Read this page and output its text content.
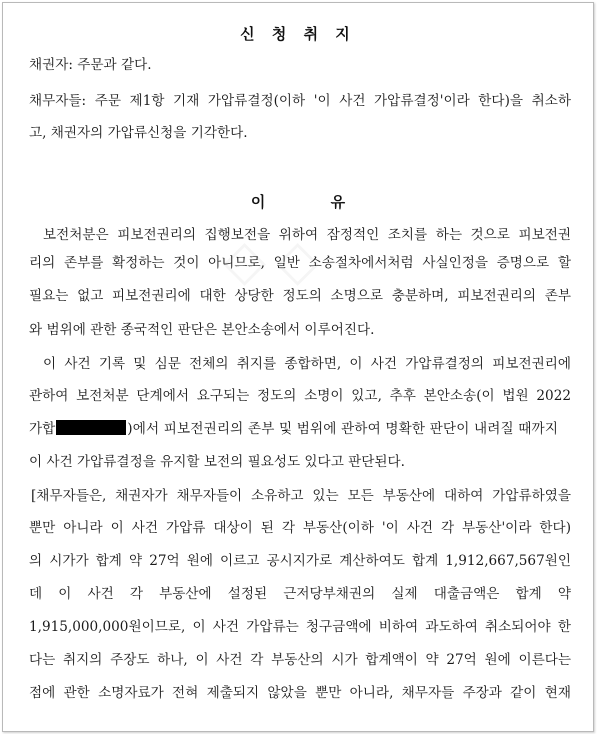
신 청 취 지
채권자: 주문과 같다.
채무자들: 주문 제1항 기재 가압류결정(이하 '이 사건 가압류결정'이라 한다)을 취소하
고, 채권자의 가압류신청을 기각한다.
이 유
보전처분은 피보전권리의 집행보전을 위하여 잠정적인 조치를 하는 것으로 피보전권
리의 존부를 확정하는 것이 아니므로, 일반 소송절차에서처럼 사실인정을 증명으로 할
필요는 없고 피보전권리에 대한 상당한 정도의 소명으로 충분하며, 피보전권리의 존부
와 범위에 관한 종국적인 판단은 본안소송에서 이루어진다.
이 사건 기록 및 심문 전체의 취지를 종합하면, 이 사건 가압류결정의 피보전권리에
관하여 보전처분 단계에서 요구되는 정도의 소명이 있고, 추후 본안소송(이 법원 2022
가합	)에서 피보전권리의 존부 및 범위에 관하여 명확한 판단이 내려질 때까지
이 사건 가압류결정을 유지할 보전의 필요성도 있다고 판단된다.
[채무자들은, 채권자가 채무자들이 소유하고 있는 모든 부동산에 대하여 가압류하였을
뿐만 아니라 이 사건 가압류 대상이 된 각 부동산(이하 '이 사건 각 부동산'이라 한다)
의 시가가 합계 약 27억 원에 이르고 공시지가로 계산하여도 합계 1,912,667,567원인
데 이 사건 각 부동산에 설정된 근저당부채권의 실제 대출금액은 합계 약
1,915,000,000원이므로, 이 사건 가압류는 청구금액에 비하여 과도하여 취소되어야 한
다는 취지의 주장도 하나, 이 사건 각 부동산의 시가 합계액이 약 27억 원에 이른다는
점에 관한 소명자료가 전혀 제출되지 않았을 뿐만 아니라, 채무자들 주장과 같이 현재
